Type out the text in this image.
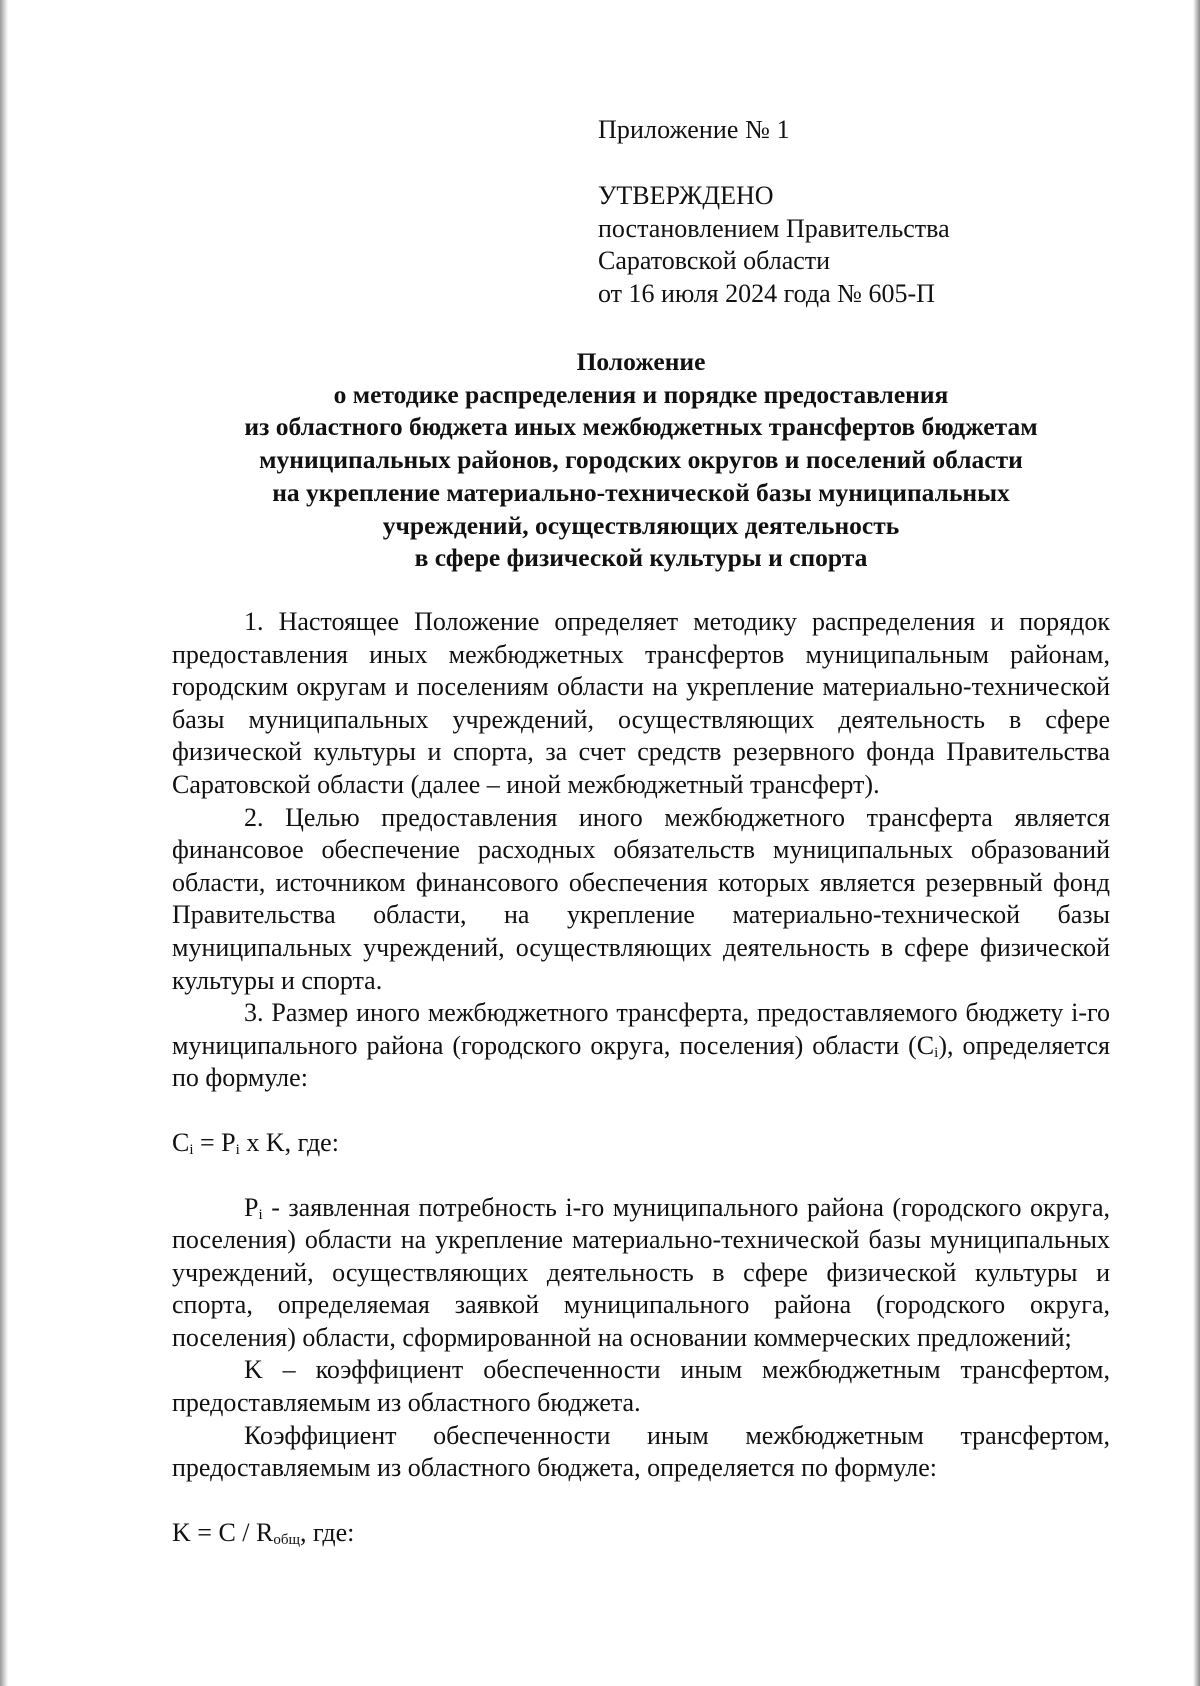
Приложение № 1
УТВЕРЖДЕНО
постановлением Правительства
Саратовской области
от 16 июля 2024 года № 605-П
Положение
о методике распределения и порядке предоставления
из областного бюджета иных межбюджетных трансфертов бюджетам
муниципальных районов, городских округов и поселений области
на укрепление материально-технической базы муниципальных
учреждений, осуществляющих деятельность
в сфере физической культуры и спорта

1. Настоящее Положение определяет методику распределения и порядок предоставления иных межбюджетных трансфертов муниципальным районам, городским округам и поселениям области на укрепление материально-технической базы муниципальных учреждений, осуществляющих деятельность в сфере физической культуры и спорта, за счет средств резервного фонда Правительства Саратовской области (далее – иной межбюджетный трансферт).

2. Целью предоставления иного межбюджетного трансферта является финансовое обеспечение расходных обязательств муниципальных образований области, источником финансового обеспечения которых является резервный фонд Правительства области, на укрепление материально-технической базы муниципальных учреждений, осуществляющих деятельность в сфере физической культуры и спорта.

3. Размер иного межбюджетного трансферта, предоставляемого бюджету i-го муниципального района (городского округа, поселения) области $(C_i)$, определяется по формуле:

$C_i = P_i$ x K, где:

$P_i$ - заявленная потребность i-го муниципального района (городского округа, поселения) области на укрепление материально-технической базы муниципальных учреждений, осуществляющих деятельность в сфере физической культуры и спорта, определяемая заявкой муниципального района (городского округа, поселения) области, сформированной на основании коммерческих предложений;

K – коэффициент обеспеченности иным межбюджетным трансфертом, предоставляемым из областного бюджета.

Коэффициент обеспеченности иным межбюджетным трансфертом, предоставляемым из областного бюджета, определяется по формуле:

$K = C / R_{общ}$, где:
